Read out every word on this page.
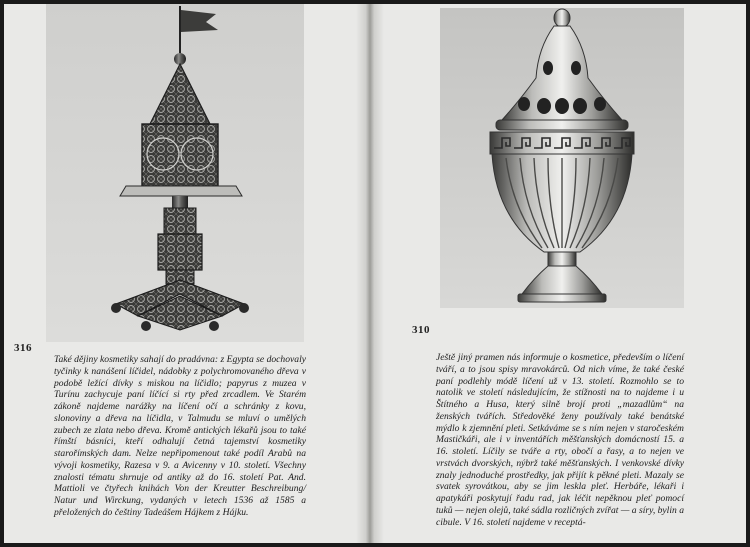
316

Také dějiny kosmetiky sahají do pradávna: z Egypta se dochovaly tyčinky k nanášení líčidel, nádobky z polychromovaného dřeva v podobě ležící dívky s miskou na líčidlo; papyrus z muzea v Turínu zachycuje paní líčící si rty před zrcadlem. Ve Starém zákoně najdeme narážky na líčení očí a schránky z kovu, slonoviny a dřeva na líčidla, v Talmudu se mluví o umělých zubech ze zlata nebo dřeva. Kromě antických lékařů jsou to také římští básníci, kteří odhalují četná tajemství kosmetiky starořímských dam. Nelze nepřipomenout také podíl Arabů na vývoji kosmetiky, Razesa v 9. a Avicenny v 10. století. Všechny znalosti tématu shrnuje od antiky až do 16. století Pat. And. Mattioli ve čtyřech knihách Von der Kreutter Beschreibung/ Natur und Wirckung, vydaných v letech 1536 až 1585 a přeložených do češtiny Tadeášem Hájkem z Hájku.

310

Ještě jiný pramen nás informuje o kosmetice, především o líčení tváří, a to jsou spisy mravokárců. Od nich víme, že také české paní podlehly módě líčení už v 13. století. Rozmohlo se to natolik ve století následujícím, že stížnosti na to najdeme i u Štítného a Husa, který silně brojí proti „mazadlům“ na ženských tvářích. Středověké ženy používaly také benátské mýdlo k zjemnění pleti. Setkáváme se s ním nejen v staročeském Mastičkáři, ale i v inventářích měšťanských domácností 15. a 16. století. Líčily se tváře a rty, obočí a řasy, a to nejen ve vrstvách dvorských, nýbrž také měšťanských. I venkovské dívky znaly jednoduché prostředky, jak přijít k pěkné pleti. Mazaly se svatek syrovátkou, aby se jim leskla pleť. Herbáře, lékaři i apatykáři poskytují řadu rad, jak léčit nepěknou pleť pomocí tuků — nejen olejů, také sádla rozličných zvířat — a síry, bylin a cibule. V 16. století najdeme v receptá-
